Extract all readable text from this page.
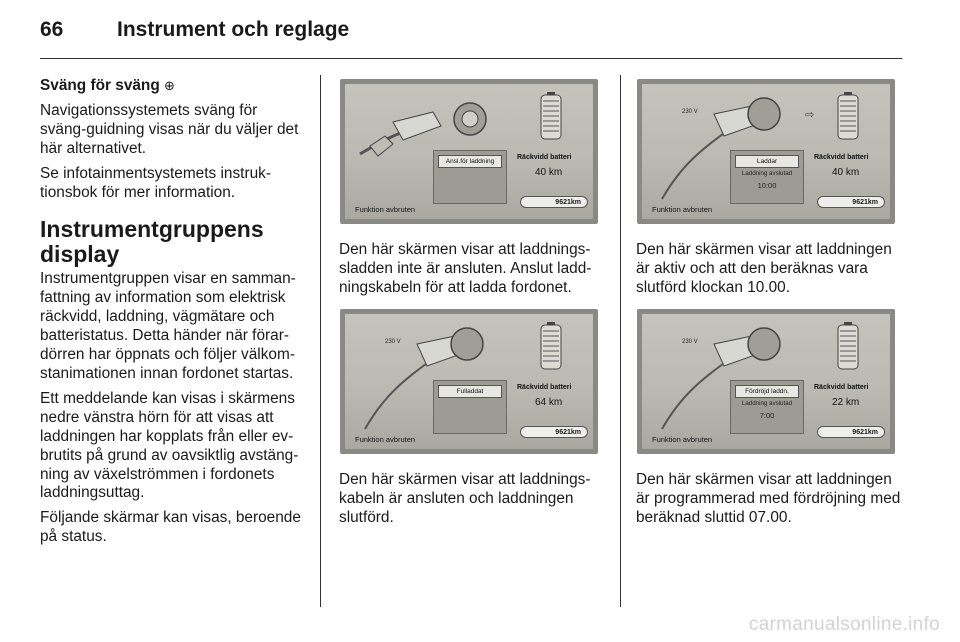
66	Instrument och reglage

Sväng för sväng ⊕

Navigationssystemets sväng för sväng-guidning visas när du väljer det här alternativet.

Se infotainmentsystemets instruktionsbok för mer information.

Instrumentgruppens display

Instrumentgruppen visar en sammanfattning av information som elektrisk räckvidd, laddning, vägmätare och batteristatus. Detta händer när förardörren har öppnats och följer välkomstanimationen innan fordonet startas.

Ett meddelande kan visas i skärmens nedre vänstra hörn för att visas att laddningen har kopplats från eller evbrutits på grund av oavsiktlig avstängning av växelströmmen i fordonets laddningsuttag.

Följande skärmar kan visas, beroende på status.

Ansl.för laddning
Räckvidd batteri
40 km
9621km
Funktion avbruten
230 V	⇨
Laddar
Laddning avslutad
10:00
Räckvidd batteri
40 km
9621km
Funktion avbruten
230 V
Fulladdat
Räckvidd batteri
64 km
9621km
Funktion avbruten
230 V
Fördröjd laddn.
Laddning avslutad
7:00
Räckvidd batteri
22 km
9621km
Funktion avbruten
Den här skärmen visar att laddningssladden inte är ansluten. Anslut laddningskabeln för att ladda fordonet.
Den här skärmen visar att laddningen är aktiv och att den beräknas vara slutförd klockan 10.00.
Den här skärmen visar att laddningskabeln är ansluten och laddningen slutförd.
Den här skärmen visar att laddningen är programmerad med fördröjning med beräknad sluttid 07.00.
carmanualsonline.info
